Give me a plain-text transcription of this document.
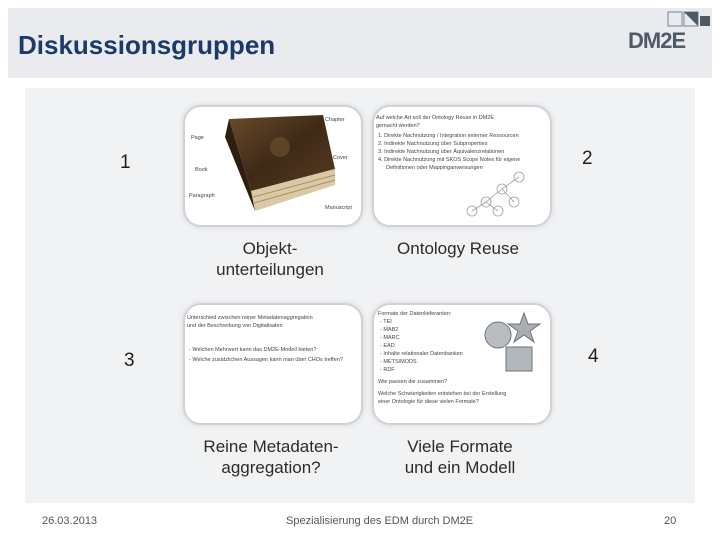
Diskussionsgruppen	DM2E
1	2
3	4
Chapter
Page
Cover
Book
Paragraph
Manuscript
Auf welche Art soll der Ontology Reuse in DM2E
gemacht werden?
1. Direkte Nachnutzung / Integration externer Ressourcen
2. Indirekte Nachnutzung über Subproperties
3. Indirekte Nachnutzung über Äquivalenzrelationen
4. Direkte Nachnutzung mit SKOS Scope Notes für eigene
Definitionen oder Mappinganweisungen
Unterschied zwischen reiner Metadatenaggregation
und der Beschreibung von Digitalisaten
- Welchen Mehrwert kann das DM2E-Modell bieten?
- Welche zusätzlichen Aussagen kann man über CHOs treffen?
Formate der Datenlieferanten:
- TEI
- MAB2
- MARC
- EAD
- Inhalte relationaler Datenbanken
- METS/MODS
- RDF
Wie passen die zusammen?
Welche Schwierigkeiten entstehen bei der Erstellung
einer Ontologie für diese vielen Formate?
Objekt-
unterteilungen
Ontology Reuse
Reine Metadaten-
aggregation?
Viele Formate
und ein Modell
26.03.2013	Spezialisierung des EDM durch DM2E	20
